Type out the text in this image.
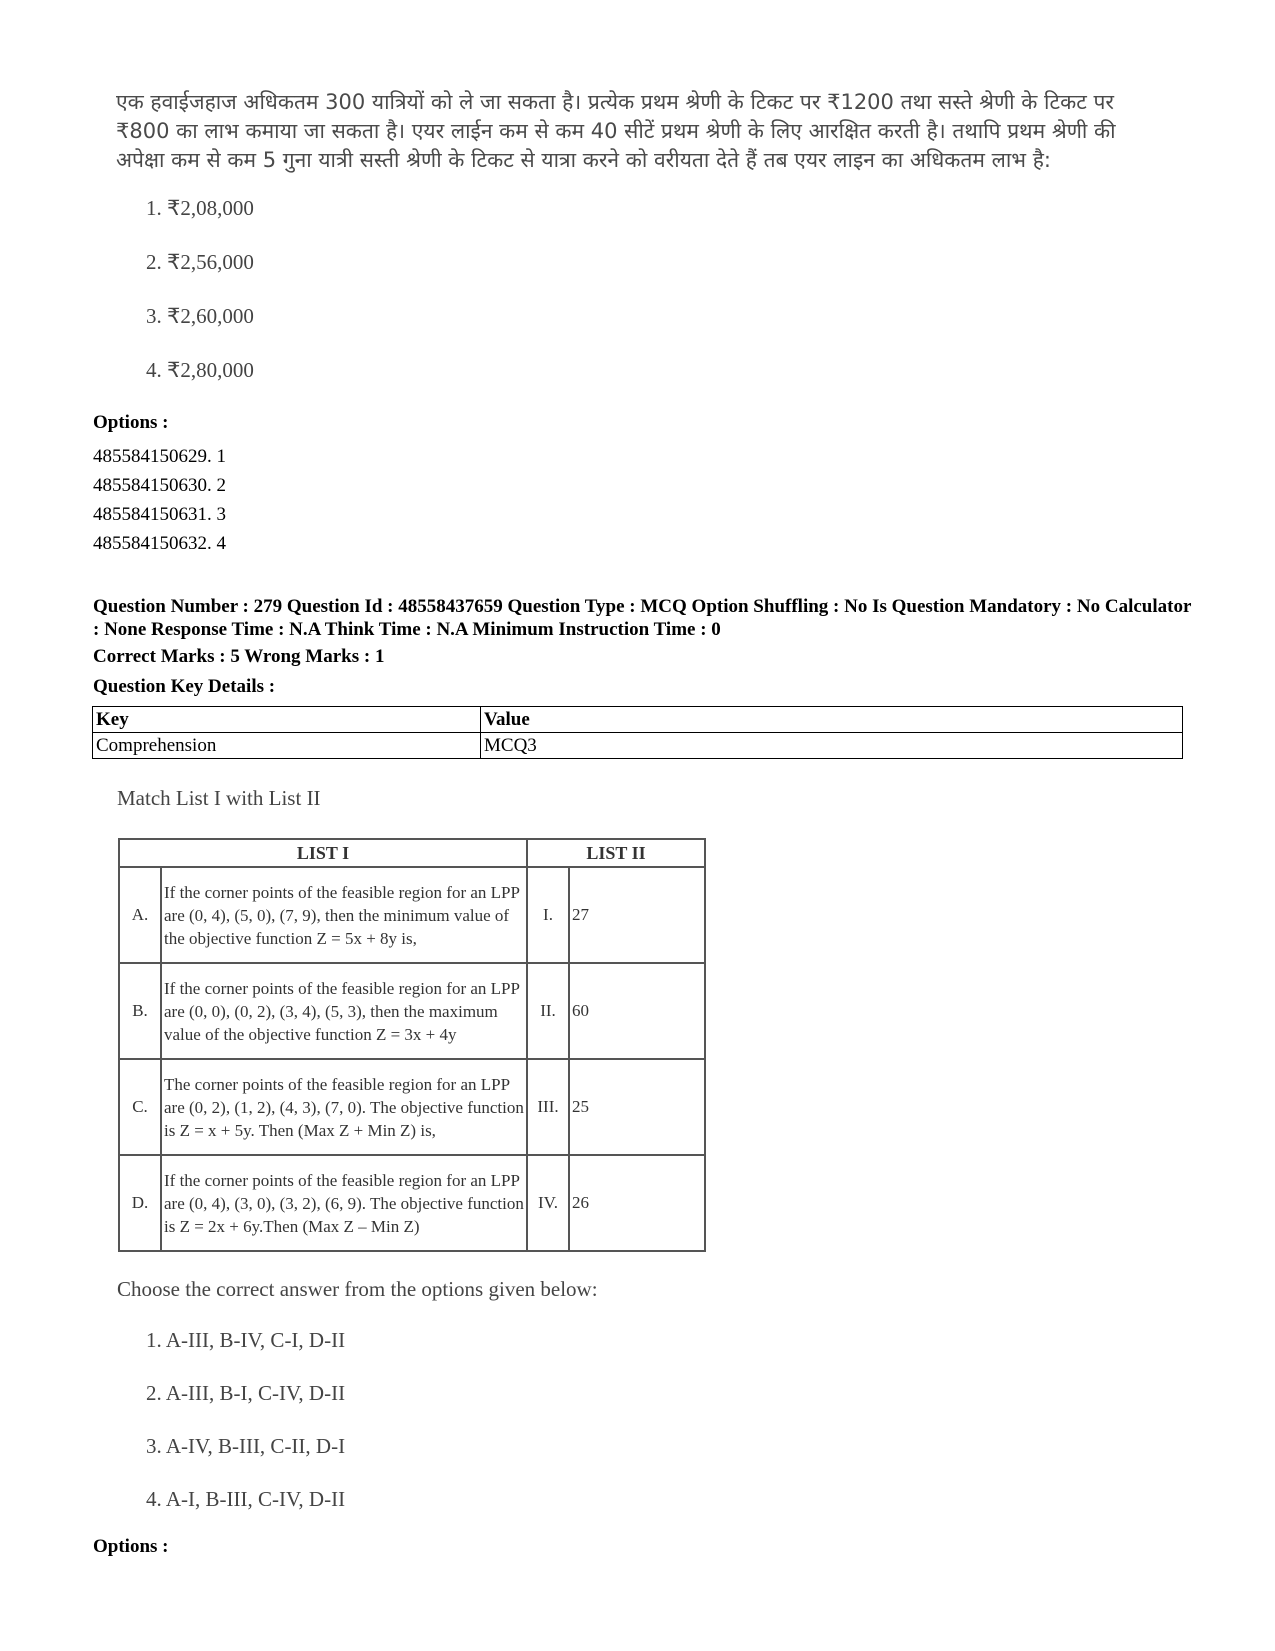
एक हवाईजहाज अधिकतम 300 यात्रियों को ले जा सकता है। प्रत्येक प्रथम श्रेणी के टिकट पर ₹1200 तथा सस्ते श्रेणी के टिकट पर ₹800 का लाभ कमाया जा सकता है। एयर लाईन कम से कम 40 सीटें प्रथम श्रेणी के लिए आरक्षित करती है। तथापि प्रथम श्रेणी की अपेक्षा कम से कम 5 गुना यात्री सस्ती श्रेणी के टिकट से यात्रा करने को वरीयता देते हैं तब एयर लाइन का अधिकतम लाभ है:
1. ₹2,08,000
2. ₹2,56,000
3. ₹2,60,000
4. ₹2,80,000
Options :
485584150629. 1
485584150630. 2
485584150631. 3
485584150632. 4
Question Number : 279 Question Id : 48558437659 Question Type : MCQ Option Shuffling : No Is Question Mandatory : No Calculator : None Response Time : N.A Think Time : N.A Minimum Instruction Time : 0
Correct Marks : 5 Wrong Marks : 1
Question Key Details :
Key	Value
Comprehension	MCQ3
Match List I with List II
LIST I		LIST II	
A.	If the corner points of the feasible region for an LPP are (0, 4), (5, 0), (7, 9), then the minimum value of the objective function Z = 5x + 8y is,	I.	27
B.	If the corner points of the feasible region for an LPP are (0, 0), (0, 2), (3, 4), (5, 3), then the maximum value of the objective function Z = 3x + 4y	II.	60
C.	The corner points of the feasible region for an LPP are (0, 2), (1, 2), (4, 3), (7, 0). The objective function is Z = x + 5y. Then (Max Z + Min Z) is,	III.	25
D.	If the corner points of the feasible region for an LPP are (0, 4), (3, 0), (3, 2), (6, 9). The objective function is Z = 2x + 6y.Then (Max Z – Min Z)	IV.	26
Choose the correct answer from the options given below:
1. A-III, B-IV, C-I, D-II
2. A-III, B-I, C-IV, D-II
3. A-IV, B-III, C-II, D-I
4. A-I, B-III, C-IV, D-II
Options :
